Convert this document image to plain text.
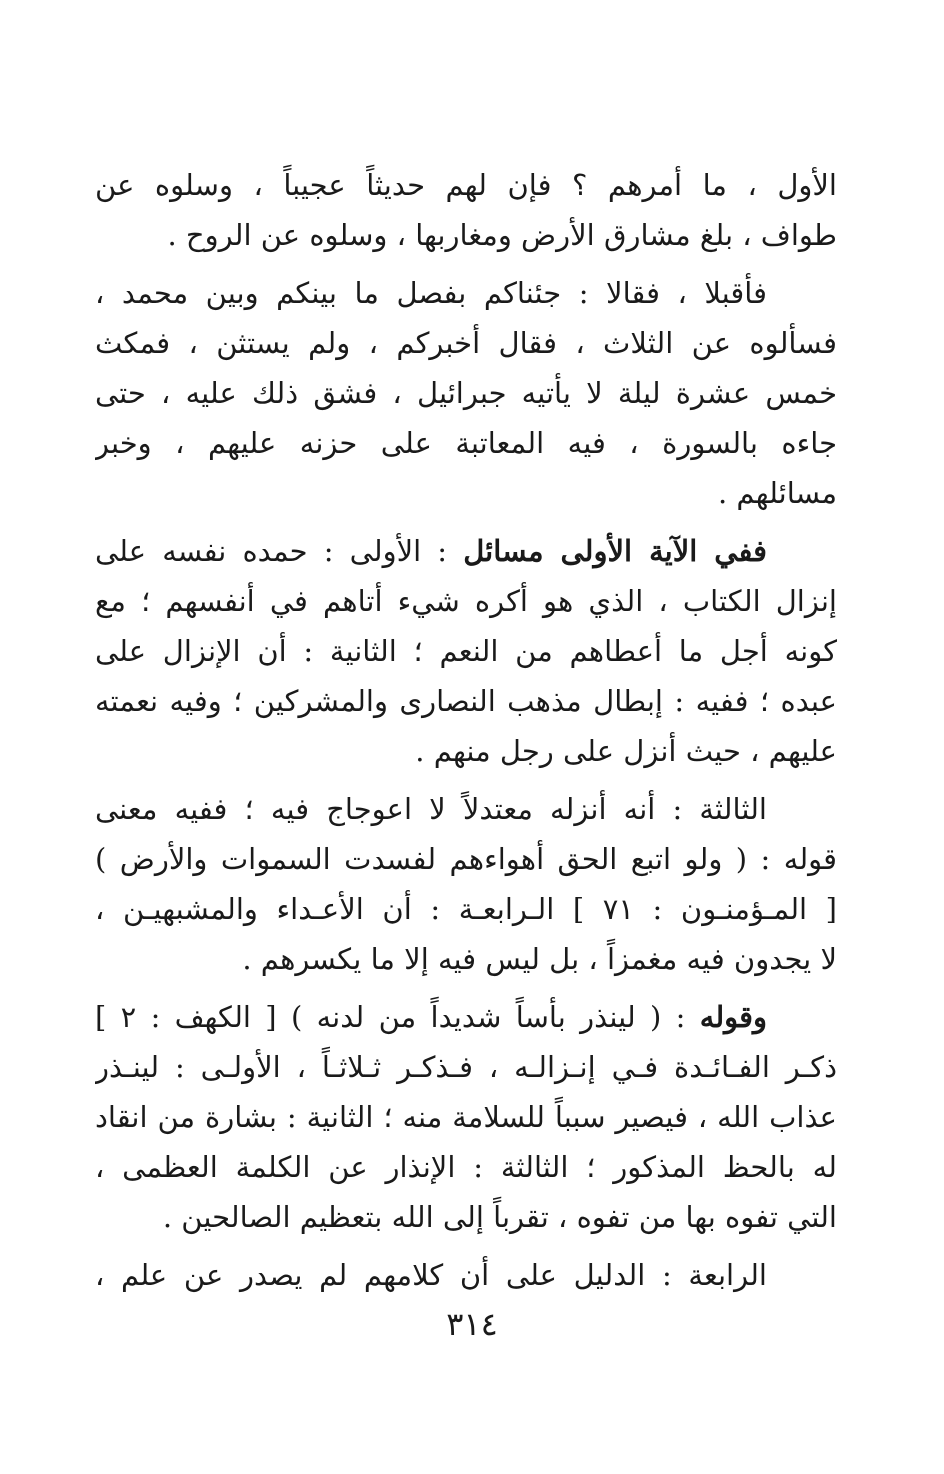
الأول ، ما أمرهم ؟ فإن لهم حديثاً عجيباً ، وسلوه عن
طواف ، بلغ مشارق الأرض ومغاربها ، وسلوه عن الروح .
فأقبلا ، فقالا : جئناكم بفصل ما بينكم وبين محمد ،
فسألوه عن الثلاث ، فقال أخبركم ، ولم يستثن ، فمكث
خمس عشرة ليلة لا يأتيه جبرائيل ، فشق ذلك عليه ، حتى
جاءه بالسورة ، فيه المعاتبة على حزنه عليهم ، وخبر
مسائلهم .
ففي الآية الأولى مسائل : الأولى : حمده نفسه على
إنزال الكتاب ، الذي هو أكره شيء أتاهم في أنفسهم ؛ مع
كونه أجل ما أعطاهم من النعم ؛ الثانية : أن الإنزال على
عبده ؛ ففيه : إبطال مذهب النصارى والمشركين ؛ وفيه نعمته
عليهم ، حيث أنزل على رجل منهم .
الثالثة : أنه أنزله معتدلاً لا اعوجاج فيه ؛ ففيه معنى
قوله : ( ولو اتبع الحق أهواءهم لفسدت السموات والأرض )
[ المـؤمنـون : ٧١ ] الـرابعـة : أن الأعـداء والمشبهيـن ،
لا يجدون فيه مغمزاً ، بل ليس فيه إلا ما يكسرهم .
وقوله : ( لينذر بأساً شديداً من لدنه ) [ الكهف : ٢ ]
ذكـر الفـائـدة فـي إنـزالـه ، فـذكـر ثـلاثـاً ، الأولـى : لينـذر
عذاب الله ، فيصير سبباً للسلامة منه ؛ الثانية : بشارة من انقاد
له بالحظ المذكور ؛ الثالثة : الإنذار عن الكلمة العظمى ،
التي تفوه بها من تفوه ، تقرباً إلى الله بتعظيم الصالحين .
الرابعة : الدليل على أن كلامهم لم يصدر عن علم ،
٣١٤
